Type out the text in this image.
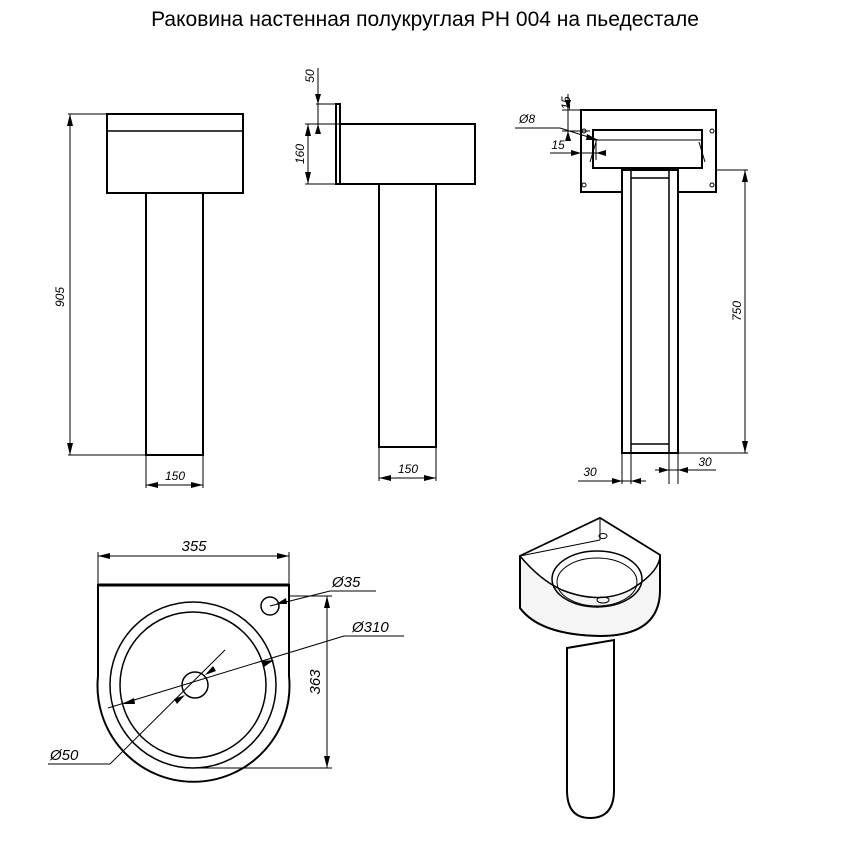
Раковина настенная полукруглая РН 004 на пьедестале
905
150
50
160
150
15
Ø8
15
750
30
30
355
363
Ø35
Ø310
Ø50
